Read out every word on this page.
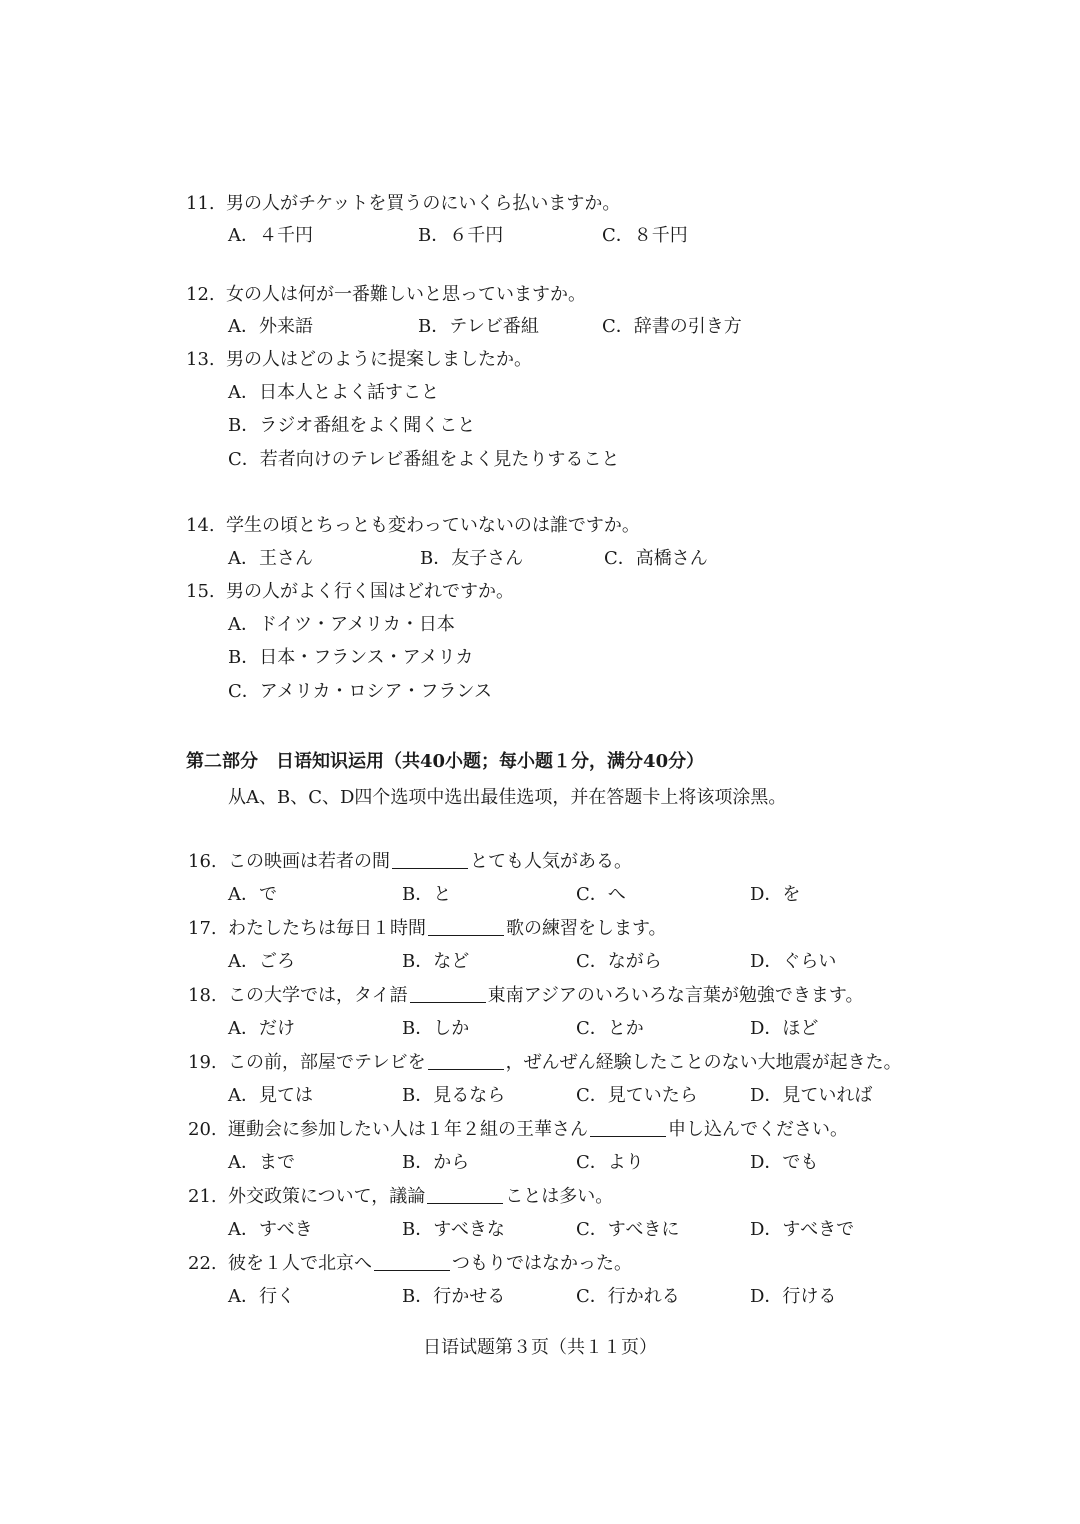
11. 男の人がチケットを買うのにいくら払いますか。
A．４千円	B．６千円	C．８千円
12. 女の人は何が一番難しいと思っていますか。
A．外来語	B．テレビ番組	C．辞書の引き方
13. 男の人はどのように提案しましたか。
A．日本人とよく話すこと
B．ラジオ番組をよく聞くこと
C．若者向けのテレビ番組をよく見たりすること
14. 学生の頃とちっとも変わっていないのは誰ですか。
A．王さん	B．友子さん	C．高橋さん
15. 男の人がよく行く国はどれですか。
A．ドイツ・アメリカ・日本
B．日本・フランス・アメリカ
C．アメリカ・ロシア・フランス
第二部分　日语知识运用（共40小题；每小题１分，满分40分）
从A、B、C、D四个选项中选出最佳选项，并在答题卡上将该项涂黑。
16. この映画は若者の間	とても人気がある。
A．で	B．と	C．へ	D．を
17. わたしたちは毎日１時間	歌の練習をします。
A．ごろ	B．など	C．ながら	D．ぐらい
18. この大学では，タイ語	東南アジアのいろいろな言葉が勉強できます。
A．だけ	B．しか	C．とか	D．ほど
19. この前，部屋でテレビを	，ぜんぜん経験したことのない大地震が起きた。
A．見ては	B．見るなら	C．見ていたら	D．見ていれば
20. 運動会に参加したい人は１年２組の王華さん	申し込んでください。
A．まで	B．から	C．より	D．でも
21. 外交政策について，議論	ことは多い。
A．すべき	B．すべきな	C．すべきに	D．すべきで
22. 彼を１人で北京へ	つもりではなかった。
A．行く	B．行かせる	C．行かれる	D．行ける
日语试题第３页（共１１页）
